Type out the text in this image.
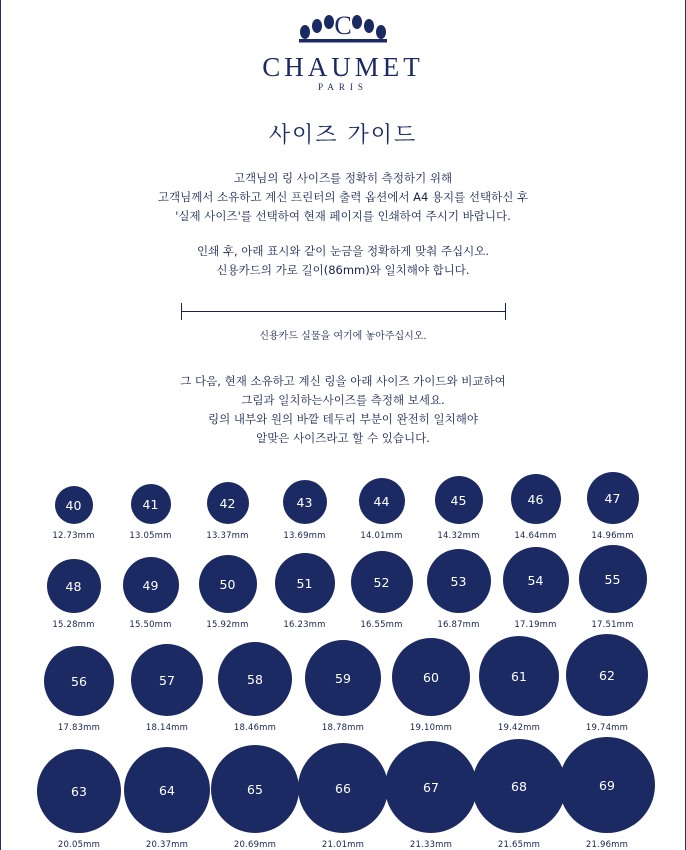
C
CHAUMET
PARIS
사이즈 가이드
고객님의 링 사이즈를 정확히 측정하기 위해
고객님께서 소유하고 계신 프린터의 출력 옵션에서 A4 용지를 선택하신 후
'실제 사이즈'를 선택하여 현재 페이지를 인쇄하여 주시기 바랍니다.
인쇄 후, 아래 표시와 같이 눈금을 정확하게 맞춰 주십시오.
신용카드의 가로 길이(86mm)와 일치해야 합니다.
신용카드 실물을 여기에 놓아주십시오.
그 다음, 현재 소유하고 계신 링을 아래 사이즈 가이드와 비교하여
그림과 일치하는사이즈를 측정해 보세요.
링의 내부와 원의 바깥 테두리 부분이 완전히 일치해야
알맞은 사이즈라고 할 수 있습니다.
40
12.73mm
41
13.05mm
42
13.37mm
43
13.69mm
44
14.01mm
45
14.32mm
46
14.64mm
47
14.96mm
48
15.28mm
49
15.50mm
50
15.92mm
51
16.23mm
52
16.55mm
53
16.87mm
54
17.19mm
55
17.51mm
56
17.83mm
57
18.14mm
58
18.46mm
59
18.78mm
60
19.10mm
61
19.42mm
62
19.74mm
63
20.05mm
64
20.37mm
65
20.69mm
66
21.01mm
67
21.33mm
68
21.65mm
69
21.96mm
